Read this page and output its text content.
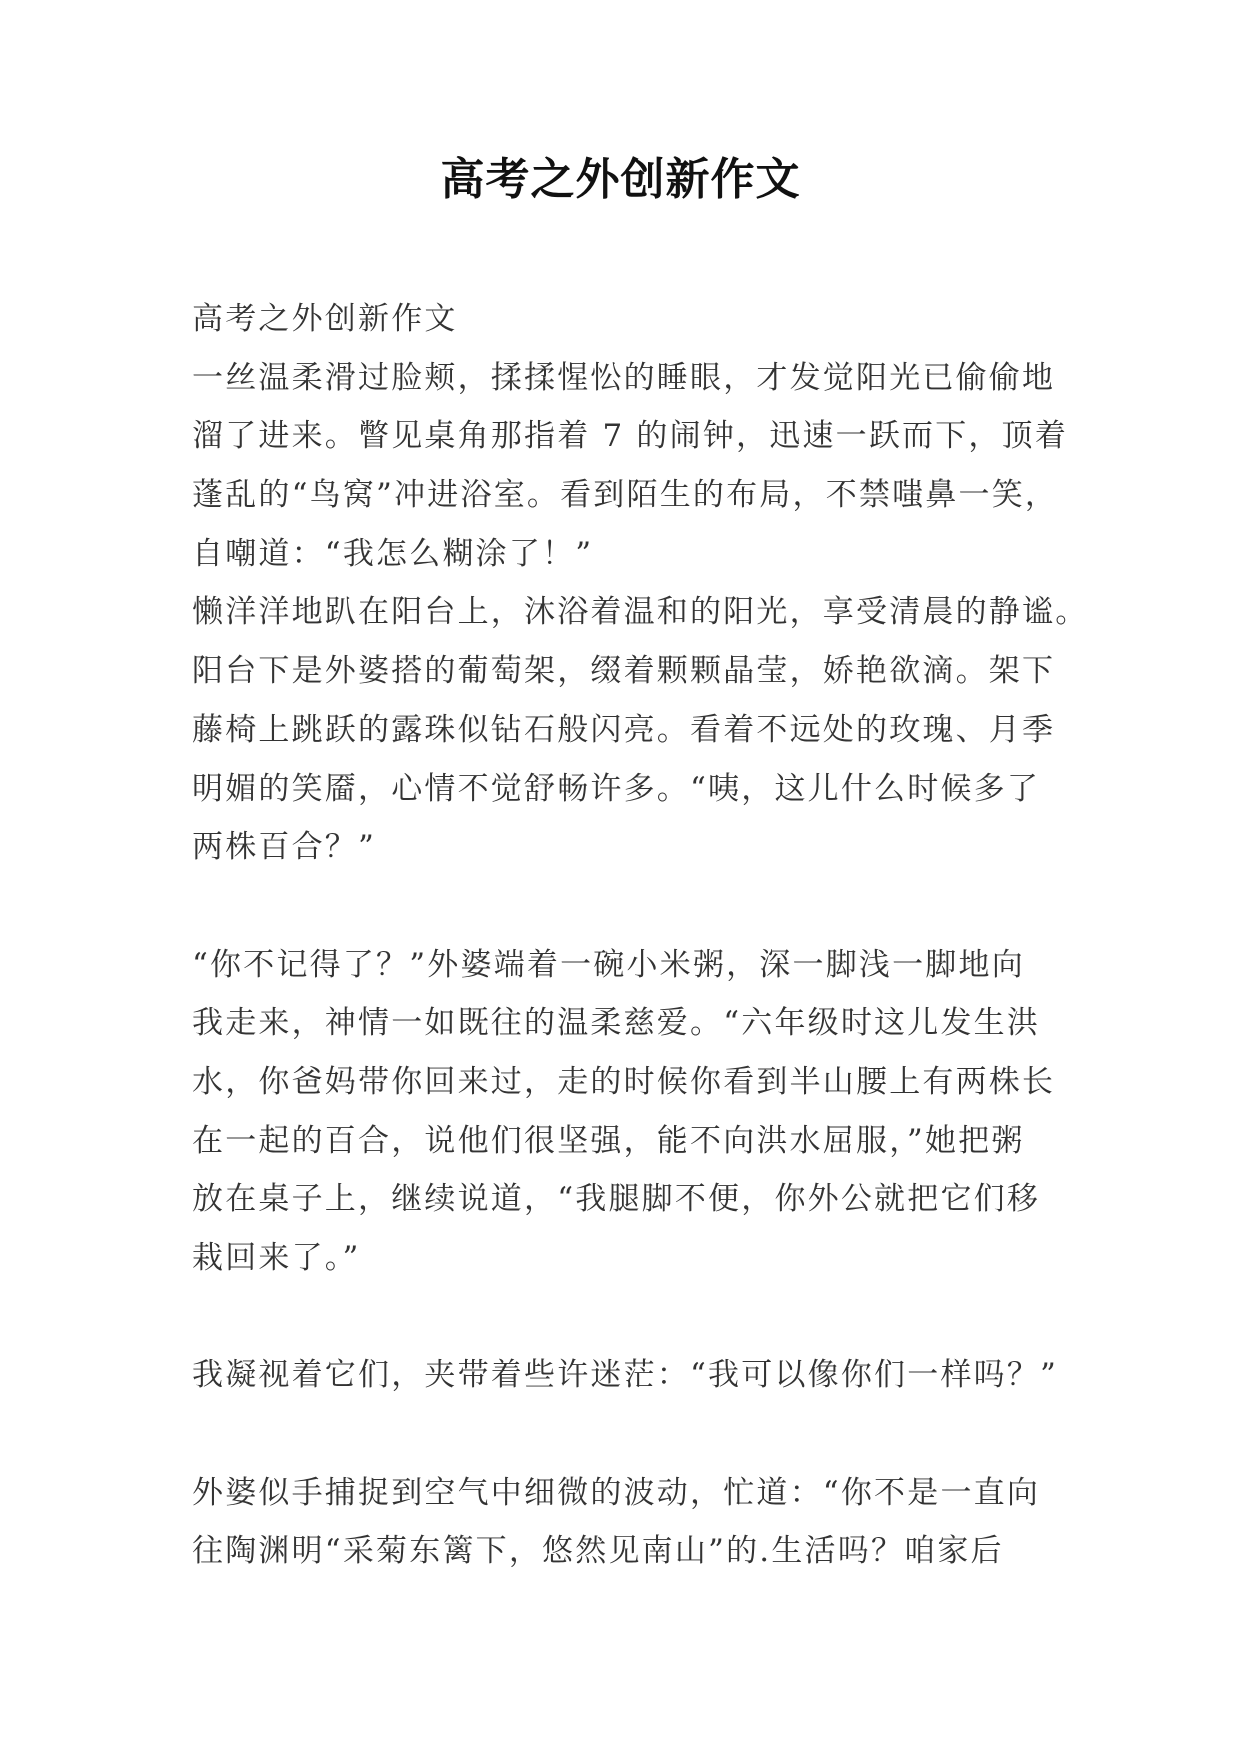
高考之外创新作文
高考之外创新作文
一丝温柔滑过脸颊，揉揉惺忪的睡眼，才发觉阳光已偷偷地
溜了进来。瞥见桌角那指着 7 的闹钟，迅速一跃而下，顶着
蓬乱的“鸟窝”冲进浴室。看到陌生的布局，不禁嗤鼻一笑，
自嘲道：“我怎么糊涂了！”
懒洋洋地趴在阳台上，沐浴着温和的阳光，享受清晨的静谧。
阳台下是外婆搭的葡萄架，缀着颗颗晶莹，娇艳欲滴。架下
藤椅上跳跃的露珠似钻石般闪亮。看着不远处的玫瑰、月季
明媚的笑靥，心情不觉舒畅许多。“咦，这儿什么时候多了
两株百合？”
“你不记得了？”外婆端着一碗小米粥，深一脚浅一脚地向
我走来，神情一如既往的温柔慈爱。“六年级时这儿发生洪
水，你爸妈带你回来过，走的时候你看到半山腰上有两株长
在一起的百合，说他们很坚强，能不向洪水屈服，”她把粥
放在桌子上，继续说道，“我腿脚不便，你外公就把它们移
栽回来了。”
我凝视着它们，夹带着些许迷茫：“我可以像你们一样吗？”
外婆似手捕捉到空气中细微的波动，忙道：“你不是一直向
往陶渊明“采菊东篱下，悠然见南山”的.生活吗？咱家后
